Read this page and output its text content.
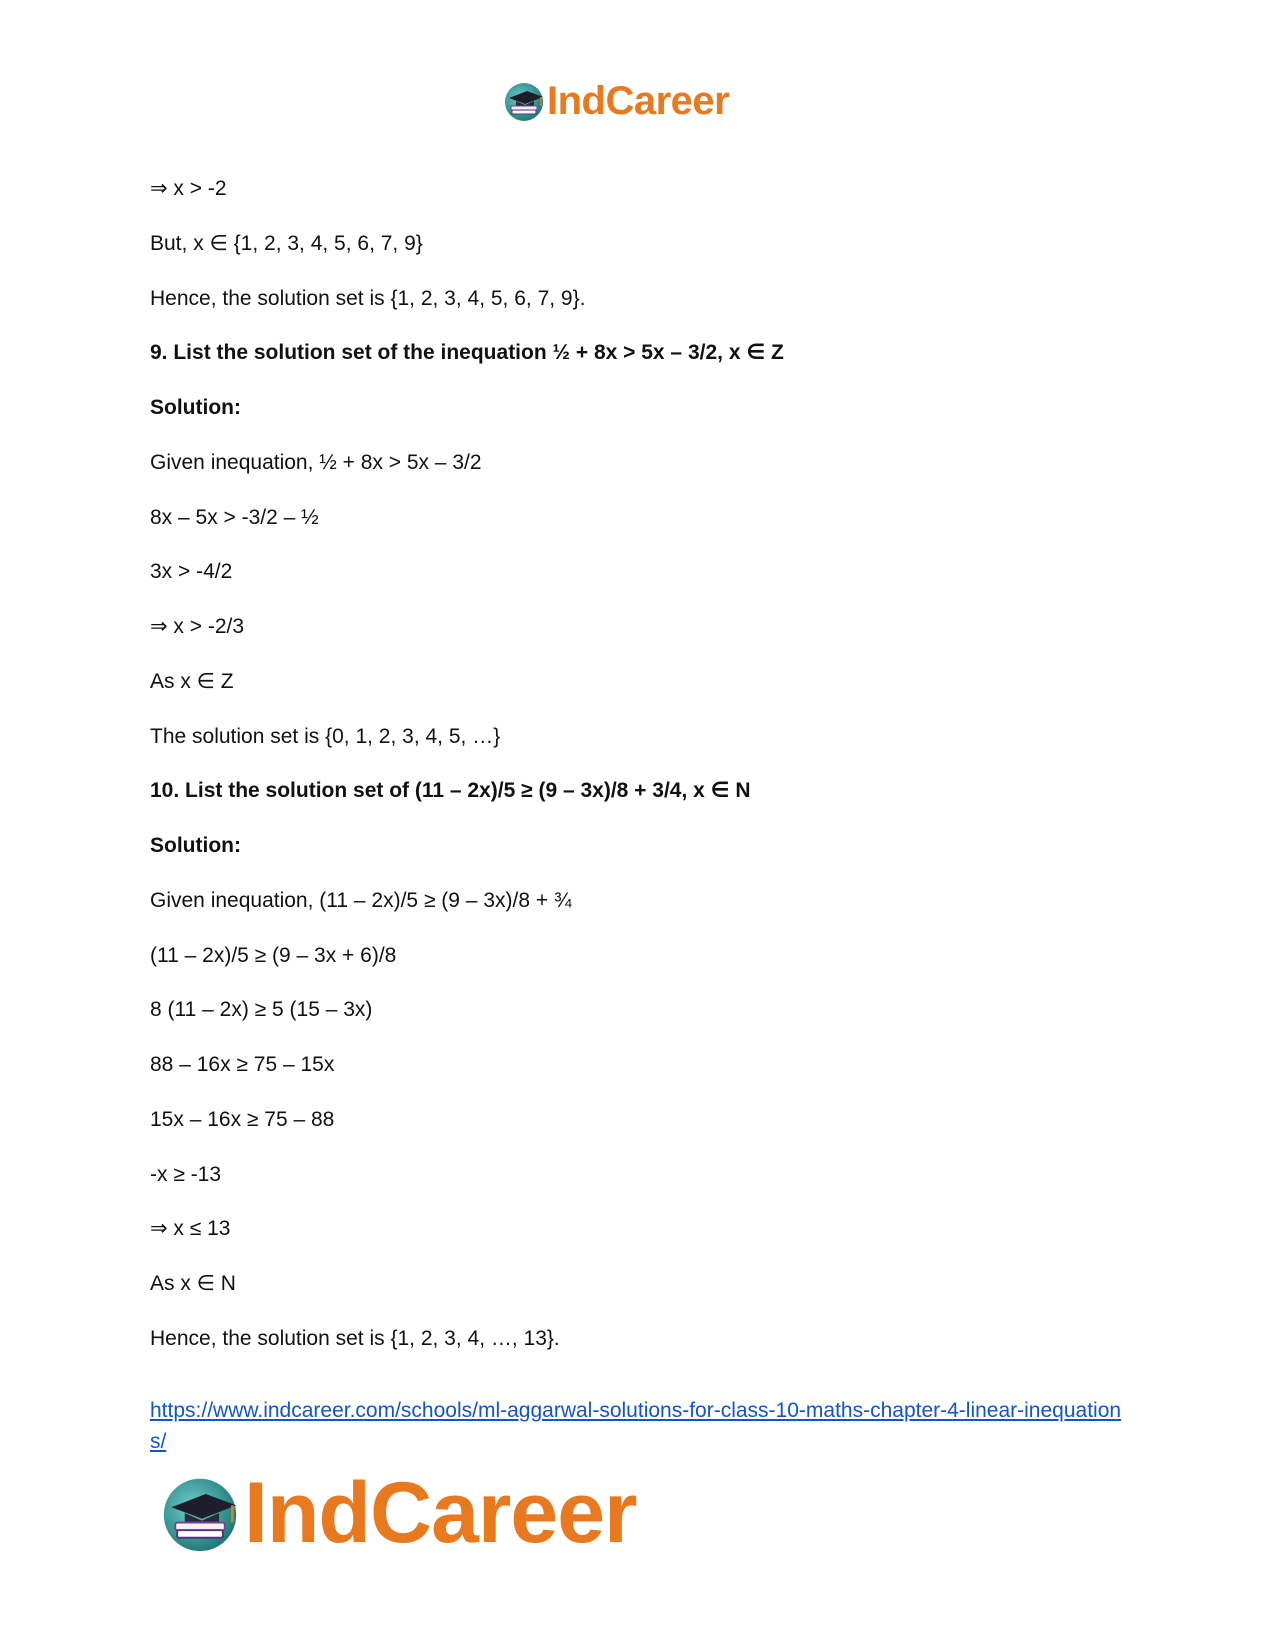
IndCareer
⇒ x > -2
But, x ∈ {1, 2, 3, 4, 5, 6, 7, 9}
Hence, the solution set is {1, 2, 3, 4, 5, 6, 7, 9}.
9. List the solution set of the inequation ½ + 8x > 5x – 3/2, x ∈ Z
Solution:
Given inequation, ½ + 8x > 5x – 3/2
8x – 5x > -3/2 – ½
3x > -4/2
⇒ x > -2/3
As x ∈ Z
The solution set is {0, 1, 2, 3, 4, 5, …}
10. List the solution set of (11 – 2x)/5 ≥ (9 – 3x)/8 + 3/4, x ∈ N
Solution:
Given inequation, (11 – 2x)/5 ≥ (9 – 3x)/8 + ¾
(11 – 2x)/5 ≥ (9 – 3x + 6)/8
8 (11 – 2x) ≥ 5 (15 – 3x)
88 – 16x ≥ 75 – 15x
15x – 16x ≥ 75 – 88
-x ≥ -13
⇒ x ≤ 13
As x ∈ N
Hence, the solution set is {1, 2, 3, 4, …, 13}.
https://www.indcareer.com/schools/ml-aggarwal-solutions-for-class-10-maths-chapter-4-linear-inequations/
IndCareer
